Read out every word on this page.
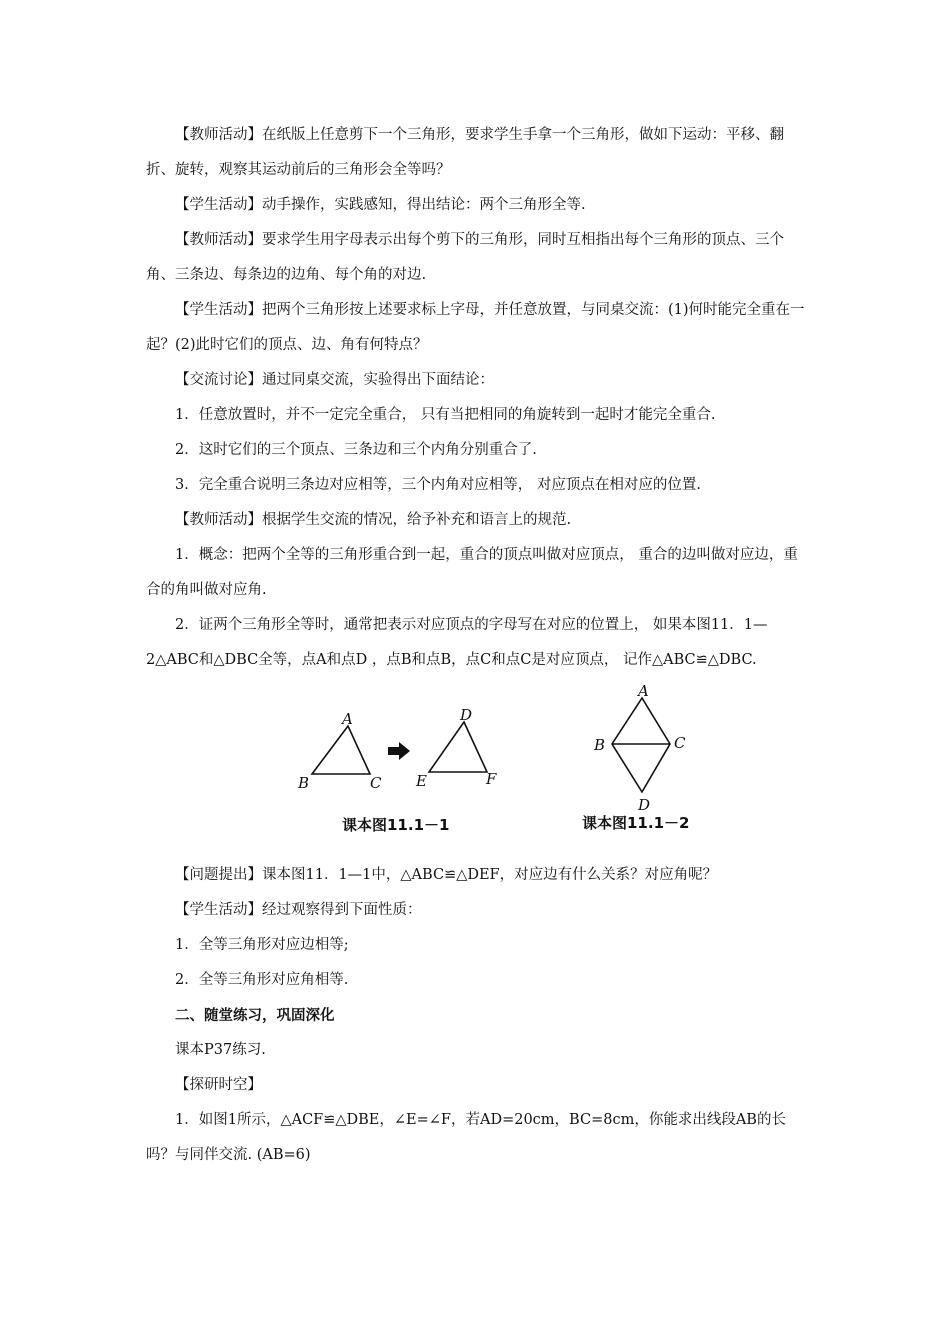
【教师活动】在纸版上任意剪下一个三角形，要求学生手拿一个三角形，做如下运动：平移、翻折、旋转，观察其运动前后的三角形会全等吗？

【学生活动】动手操作，实践感知，得出结论：两个三角形全等.

【教师活动】要求学生用字母表示出每个剪下的三角形，同时互相指出每个三角形的顶点、三个角、三条边、每条边的边角、每个角的对边.

【学生活动】把两个三角形按上述要求标上字母，并任意放置，与同桌交流：(1)何时能完全重在一起？(2)此时它们的顶点、边、角有何特点？

【交流讨论】通过同桌交流，实验得出下面结论：

1．任意放置时，并不一定完全重合， 只有当把相同的角旋转到一起时才能完全重合.

2．这时它们的三个顶点、三条边和三个内角分别重合了.

3．完全重合说明三条边对应相等，三个内角对应相等， 对应顶点在相对应的位置.

【教师活动】根据学生交流的情况，给予补充和语言上的规范.

1．概念：把两个全等的三角形重合到一起，重合的顶点叫做对应顶点， 重合的边叫做对应边，重合的角叫做对应角.

2．证两个三角形全等时，通常把表示对应顶点的字母写在对应的位置上， 如果本图11．1—2△ABC和△DBC全等，点A和点D ，点B和点B，点C和点C是对应顶点， 记作△ABC≌△DBC.

A
B	C
D
E	F
课本图11.1－1
A
B	C
D
课本图11.1－2

【问题提出】课本图11．1—1中，△ABC≌△DEF，对应边有什么关系？对应角呢？

【学生活动】经过观察得到下面性质：

1．全等三角形对应边相等;

2．全等三角形对应角相等.

二、随堂练习，巩固深化

课本P37练习.

【探研时空】

1．如图1所示，△ACF≌△DBE，∠E=∠F，若AD=20cm，BC=8cm，你能求出线段AB的长吗？与同伴交流. (AB=6)
